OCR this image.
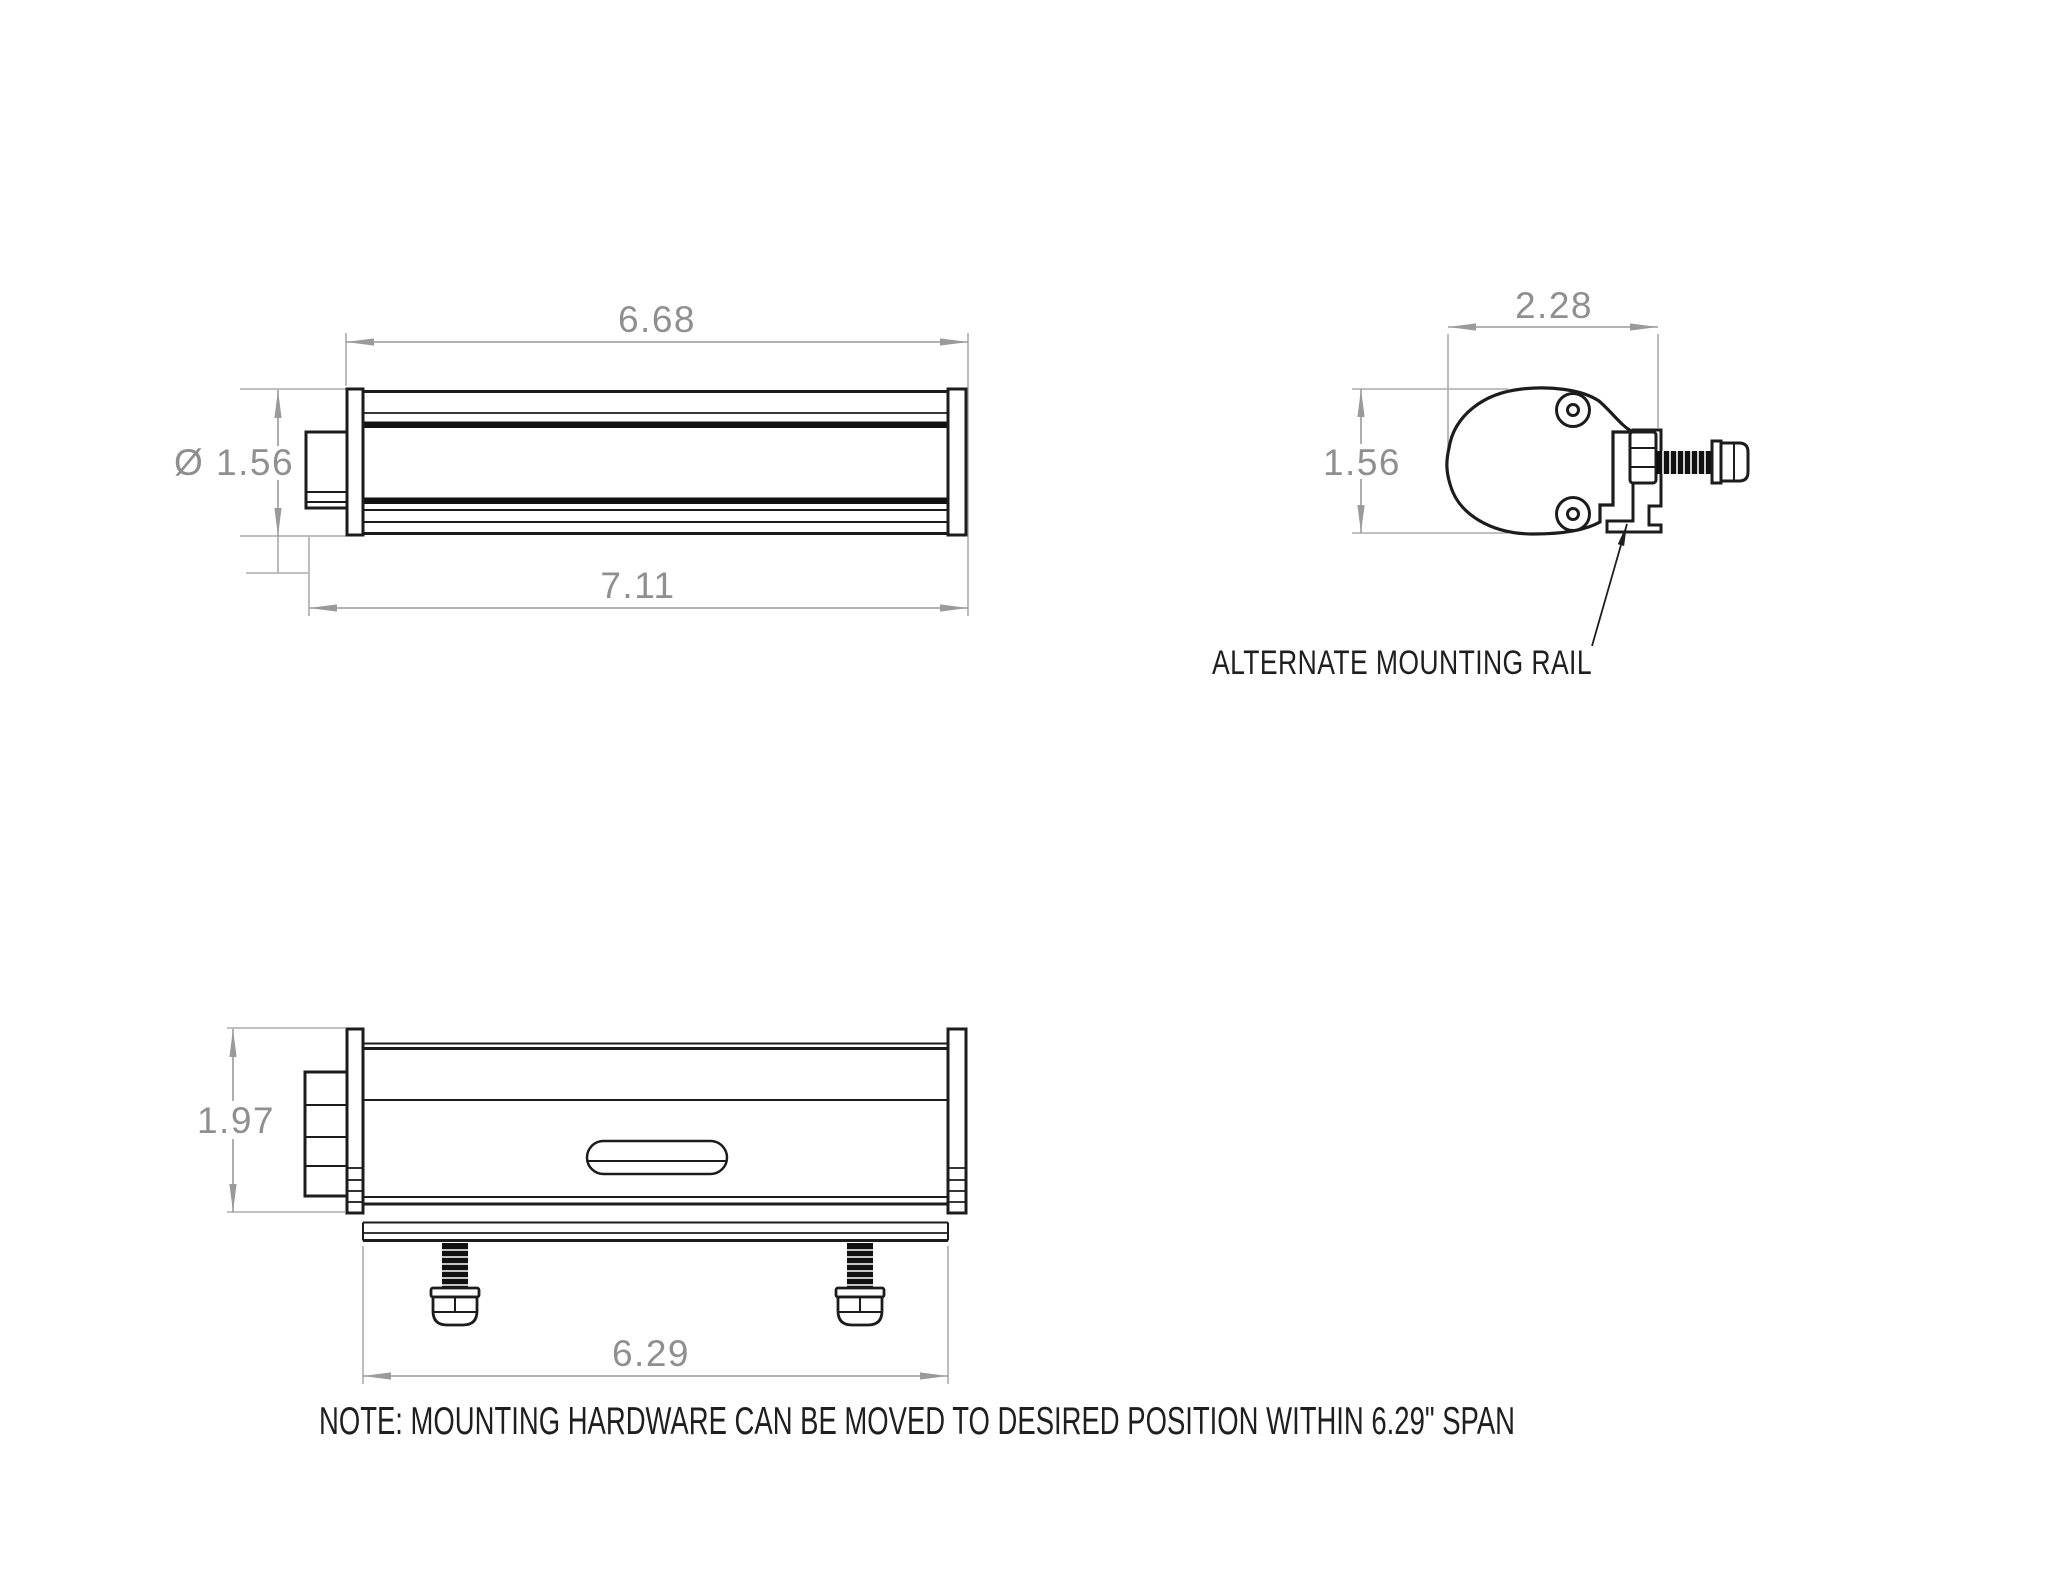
6.68
Ø 1.56
7.11
2.28
1.56
ALTERNATE MOUNTING RAIL
1.97
6.29
NOTE: MOUNTING HARDWARE CAN BE MOVED TO DESIRED POSITION WITHIN 6.29" SPAN
